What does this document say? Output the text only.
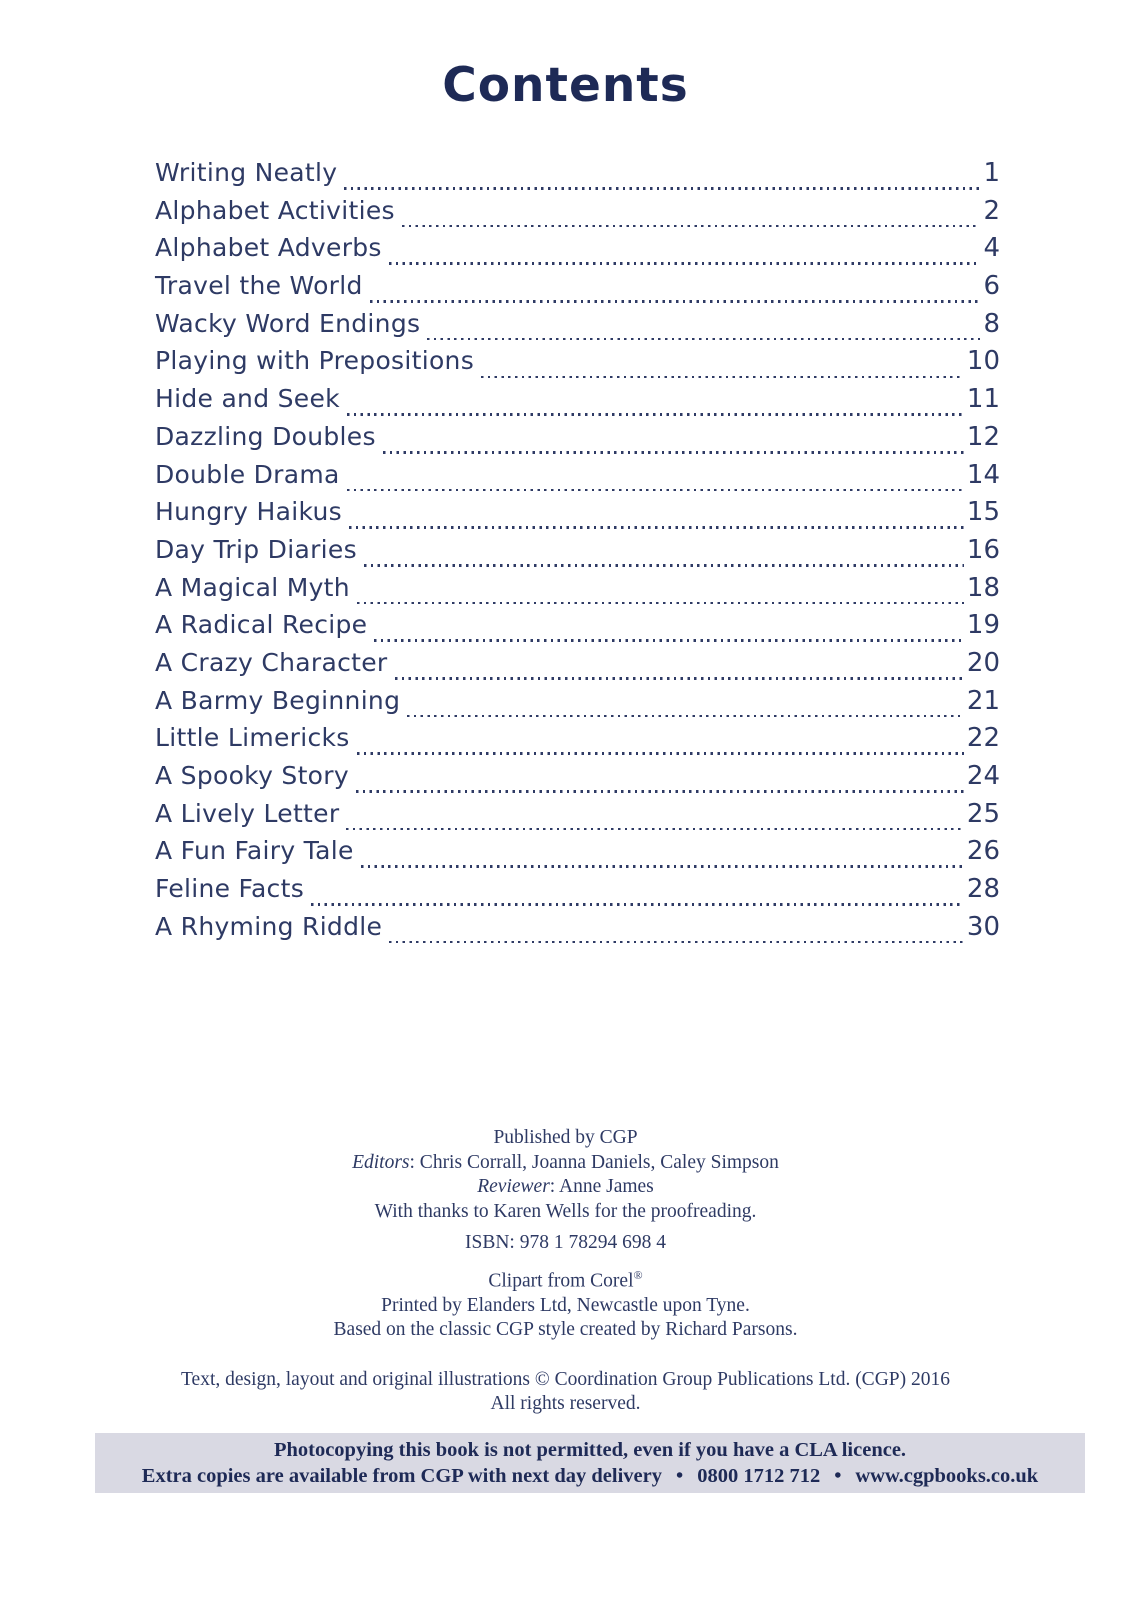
Contents
Writing Neatly	1
Alphabet Activities	2
Alphabet Adverbs	4
Travel the World	6
Wacky Word Endings	8
Playing with Prepositions	10
Hide and Seek	11
Dazzling Doubles	12
Double Drama	14
Hungry Haikus	15
Day Trip Diaries	16
A Magical Myth	18
A Radical Recipe	19
A Crazy Character	20
A Barmy Beginning	21
Little Limericks	22
A Spooky Story	24
A Lively Letter	25
A Fun Fairy Tale	26
Feline Facts	28
A Rhyming Riddle	30
Published by CGP
Editors: Chris Corrall, Joanna Daniels, Caley Simpson
Reviewer: Anne James
With thanks to Karen Wells for the proofreading.
ISBN: 978 1 78294 698 4
Clipart from Corel®
Printed by Elanders Ltd, Newcastle upon Tyne.
Based on the classic CGP style created by Richard Parsons.
Text, design, layout and original illustrations © Coordination Group Publications Ltd. (CGP) 2016
All rights reserved.
Photocopying this book is not permitted, even if you have a CLA licence.
Extra copies are available from CGP with next day delivery • 0800 1712 712 • www.cgpbooks.co.uk
